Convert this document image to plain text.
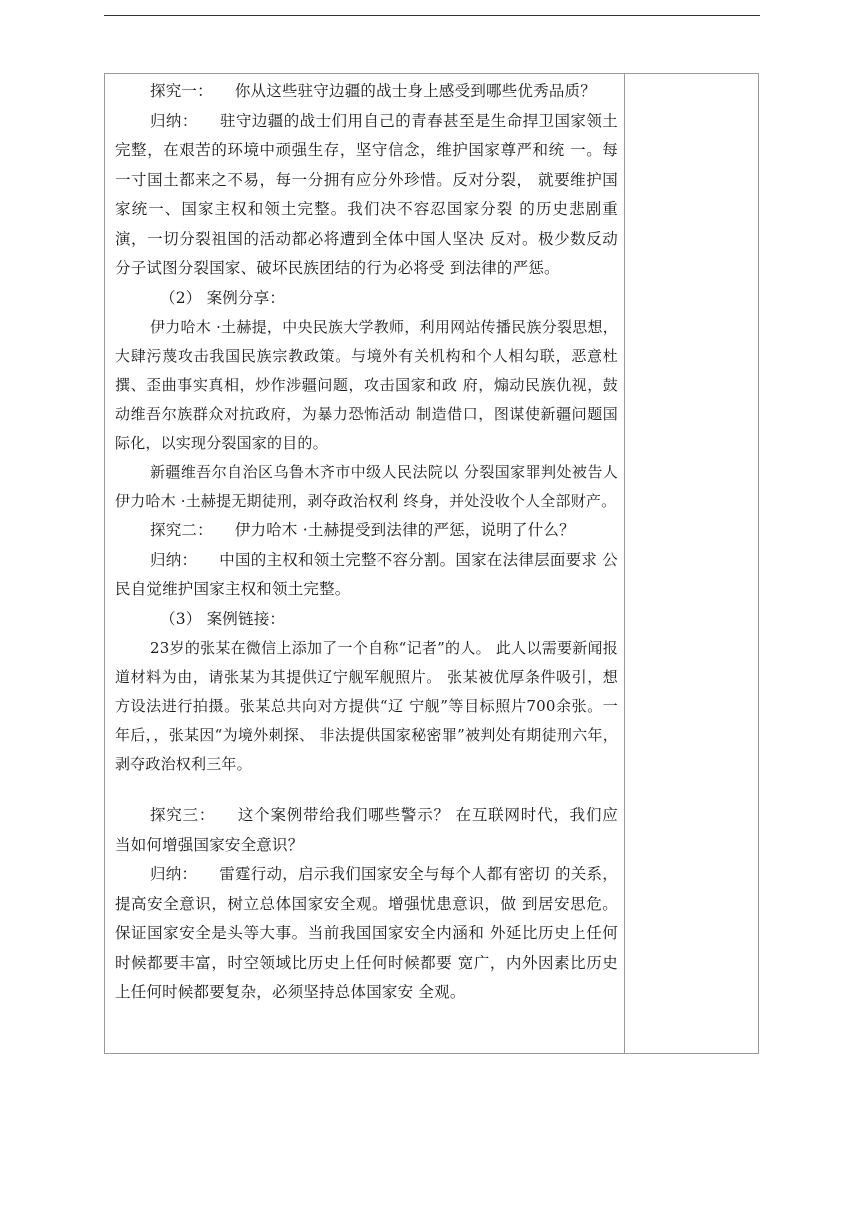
探究一： 你从这些驻守边疆的战士身上感受到哪些优秀品质？

归纳： 驻守边疆的战士们用自己的青春甚至是生命捍卫国家领土完整，在艰苦的环境中顽强生存，坚守信念，维护国家尊严和统 一。每一寸国土都来之不易，每一分拥有应分外珍惜。反对分裂， 就要维护国家统一、国家主权和领土完整。我们决不容忍国家分裂 的历史悲剧重演，一切分裂祖国的活动都必将遭到全体中国人坚决 反对。极少数反动分子试图分裂国家、破坏民族团结的行为必将受 到法律的严惩。

（2） 案例分享：

伊力哈木 ·土赫提，中央民族大学教师，利用网站传播民族分裂思想， 大肆污蔑攻击我国民族宗教政策。与境外有关机构和个人相勾联，恶意杜撰、歪曲事实真相，炒作涉疆问题，攻击国家和政 府，煽动民族仇视，鼓动维吾尔族群众对抗政府，为暴力恐怖活动 制造借口，图谋使新疆问题国际化，以实现分裂国家的目的。

新疆维吾尔自治区乌鲁木齐市中级人民法院以 分裂国家罪判处被告人伊力哈木 ·土赫提无期徒刑，剥夺政治权利 终身，并处没收个人全部财产。

探究二： 伊力哈木 ·土赫提受到法律的严惩，说明了什么？

归纳： 中国的主权和领土完整不容分割。国家在法律层面要求 公民自觉维护国家主权和领土完整。

（3） 案例链接：

23岁的张某在微信上添加了一个自称“记者”的人。 此人以需要新闻报道材料为由，请张某为其提供辽宁舰军舰照片。 张某被优厚条件吸引，想方设法进行拍摄。张某总共向对方提供“辽 宁舰”等目标照片700余张。一年后，，张某因“为境外刺探、 非法提供国家秘密罪”被判处有期徒刑六年，剥夺政治权利三年。

探究三： 这个案例带给我们哪些警示？ 在互联网时代，我们应 当如何增强国家安全意识？

归纳： 雷霆行动，启示我们国家安全与每个人都有密切 的关系，提高安全意识，树立总体国家安全观。增强忧患意识，做 到居安思危。保证国家安全是头等大事。当前我国国家安全内涵和 外延比历史上任何时候都要丰富，时空领域比历史上任何时候都要 宽广，内外因素比历史上任何时候都要复杂，必须坚持总体国家安 全观。
